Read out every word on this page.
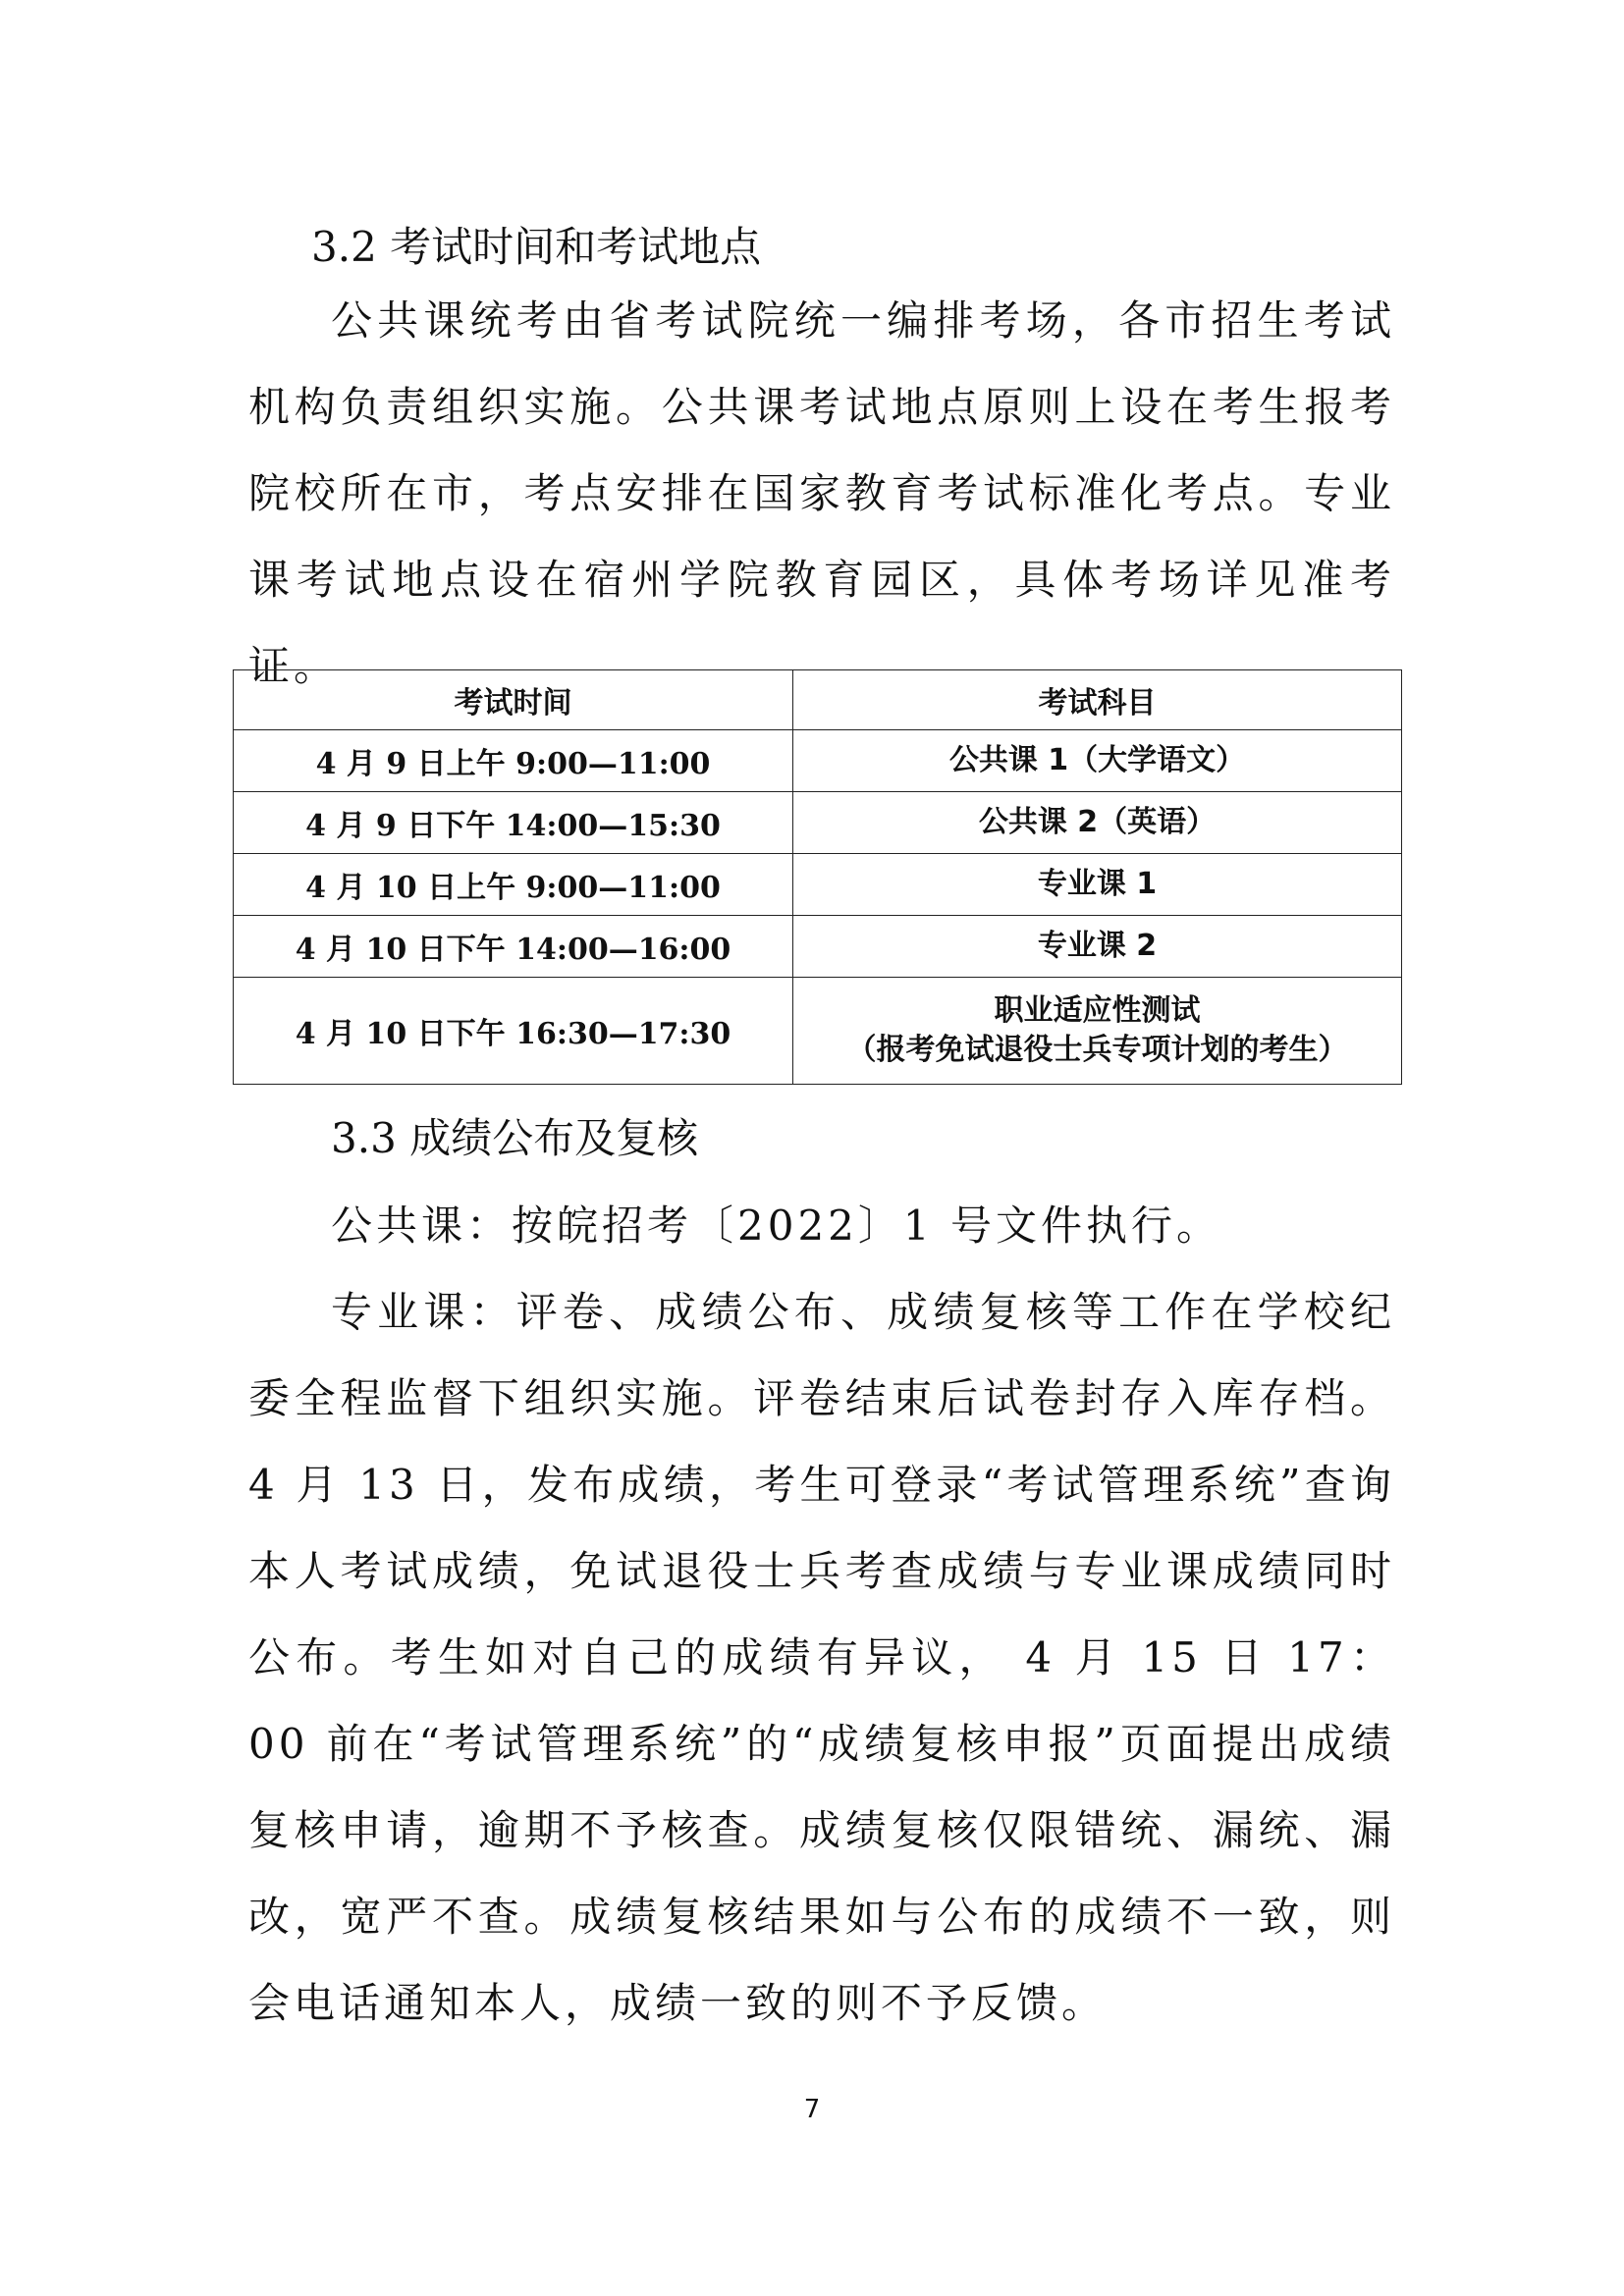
3.2 考试时间和考试地点
公共课统考由省考试院统一编排考场，各市招生考试机构负责组织实施。公共课考试地点原则上设在考生报考院校所在市，考点安排在国家教育考试标准化考点。专业课考试地点设在宿州学院教育园区，具体考场详见准考证。
考试时间	考试科目
4 月 9 日上午 9:00—11:00	公共课 1（大学语文）

4 月 9 日下午 14:00—15:30	公共课 2（英语）

4 月 10 日上午 9:00—11:00	专业课 1

4 月 10 日下午 14:00—16:00	专业课 2

4 月 10 日下午 16:30—17:30	职业适应性测试
（报考免试退役士兵专项计划的考生）
3.3 成绩公布及复核
公共课：按皖招考〔2022〕1 号文件执行。
专业课：评卷、成绩公布、成绩复核等工作在学校纪委全程监督下组织实施。评卷结束后试卷封存入库存档。4 月 13 日，发布成绩，考生可登录“考试管理系统”查询本人考试成绩，免试退役士兵考查成绩与专业课成绩同时公布。考生如对自己的成绩有异议， 4 月 15 日 17：00 前在“考试管理系统”的“成绩复核申报”页面提出成绩复核申请，逾期不予核查。成绩复核仅限错统、漏统、漏改，宽严不查。成绩复核结果如与公布的成绩不一致，则会电话通知本人，成绩一致的则不予反馈。
7
